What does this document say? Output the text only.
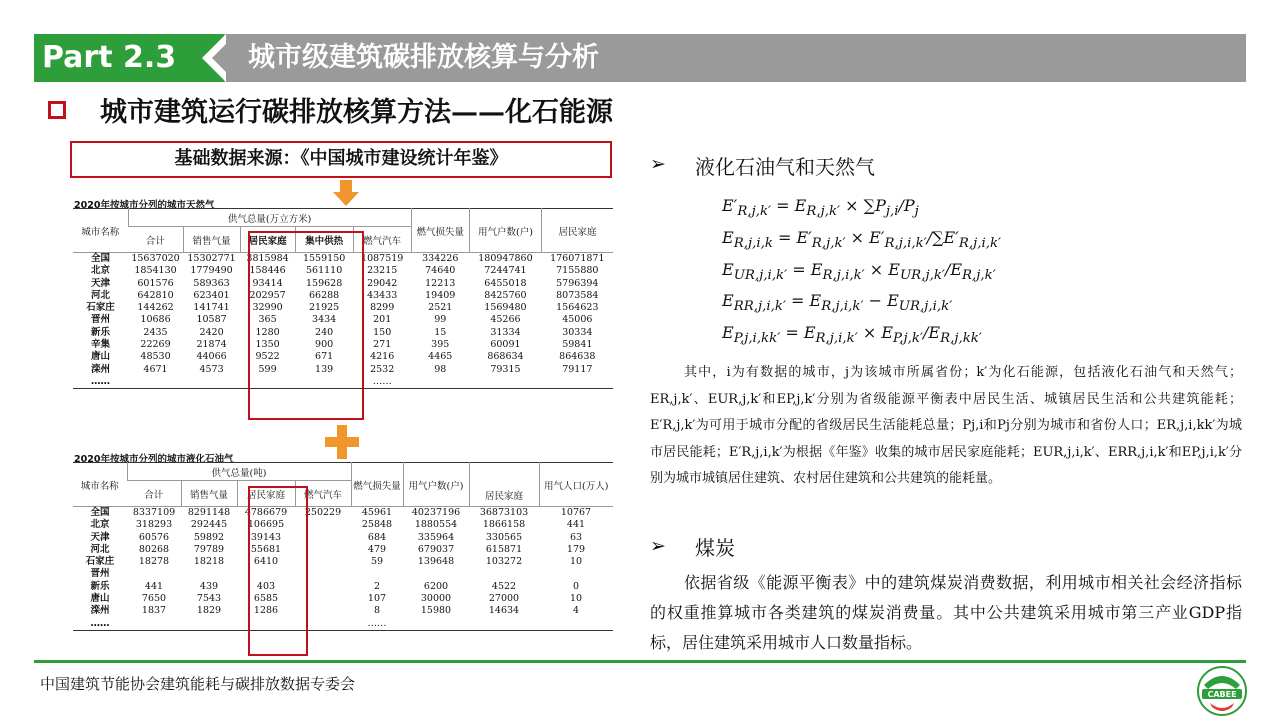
Part 2.3	城市级建筑碳排放核算与分析
城市建筑运行碳排放核算方法——化石能源
基础数据来源：《中国城市建设统计年鉴》
2020年按城市分列的城市天然气
城市名称	供气总量(万立方米)					燃气损失量	用气户数(户)	居民家庭
	合计	销售气量	居民家庭	集中供热	燃气汽车			
全国	15637020	15302771	3815984	1559150	1087519	334226	180947860	176071871
北京	1854130	1779490	158446	561110	23215	74640	7244741	7155880
天津	601576	589363	93414	159628	29042	12213	6455018	5796394
河北	642810	623401	202957	66288	43433	19409	8425760	8073584
石家庄	144262	141741	32990	21925	8299	2521	1569480	1564623
晋州	10686	10587	365	3434	201	99	45266	45006
新乐	2435	2420	1280	240	150	15	31334	30334
辛集	22269	21874	1350	900	271	395	60091	59841
唐山	48530	44066	9522	671	4216	4465	868634	864638
滦州	4671	4573	599	139	2532	98	79315	79117
……					……			
2020年按城市分列的城市液化石油气
城市名称	供气总量(吨)				燃气损失量	用气户数(户)	居民家庭	用气人口(万人)
	合计	销售气量	居民家庭	燃气汽车				
全国	8337109	8291148	4786679	250229	45961	40237196	36873103	10767
北京	318293	292445	106695		25848	1880554	1866158	441
天津	60576	59892	39143		684	335964	330565	63
河北	80268	79789	55681		479	679037	615871	179
石家庄	18278	18218	6410		59	139648	103272	10
晋州								
新乐	441	439	403		2	6200	4522	0
唐山	7650	7543	6585		107	30000	27000	10
滦州	1837	1829	1286		8	15980	14634	4
……					……			
➢ 液化石油气和天然气
$E'_{R,j,k'} = E_{R,j,k'} \times \sum P_{j,i}/P_j$
$E_{R,j,i,k} = E'_{R,j,k'} \times E'_{R,j,i,k'}/\sum E'_{R,j,i,k'}$
$E_{UR,j,i,k'} = E_{R,j,i,k'} \times E_{UR,j,k'}/E_{R,j,k'}$
$E_{RR,j,i,k'} = E_{R,j,i,k'} - E_{UR,j,i,k'}$
$E_{P,j,i,kk'} = E_{R,j,i,k'} \times E_{P,j,k'}/E_{R,j,kk'}$
其中，i为有数据的城市，j为该城市所属省份；k′为化石能源，包括液化石油气和天然气；ER,j,k′、EUR,j,k′和EP,j,k′分别为省级能源平衡表中居民生活、城镇居民生活和公共建筑能耗；E′R,j,k′为可用于城市分配的省级居民生活能耗总量；Pj,i和Pj分别为城市和省份人口；ER,j,i,kk′为城市居民能耗；E′R,j,i,k′为根据《年鉴》收集的城市居民家庭能耗；EUR,j,i,k′、ERR,j,i,k′和EP,j,i,k′分别为城市城镇居住建筑、农村居住建筑和公共建筑的能耗量。
➢ 煤炭
依据省级《能源平衡表》中的建筑煤炭消费数据，利用城市相关社会经济指标的权重推算城市各类建筑的煤炭消费量。其中公共建筑采用城市第三产业GDP指标，居住建筑采用城市人口数量指标。
中国建筑节能协会建筑能耗与碳排放数据专委会
CABEE
